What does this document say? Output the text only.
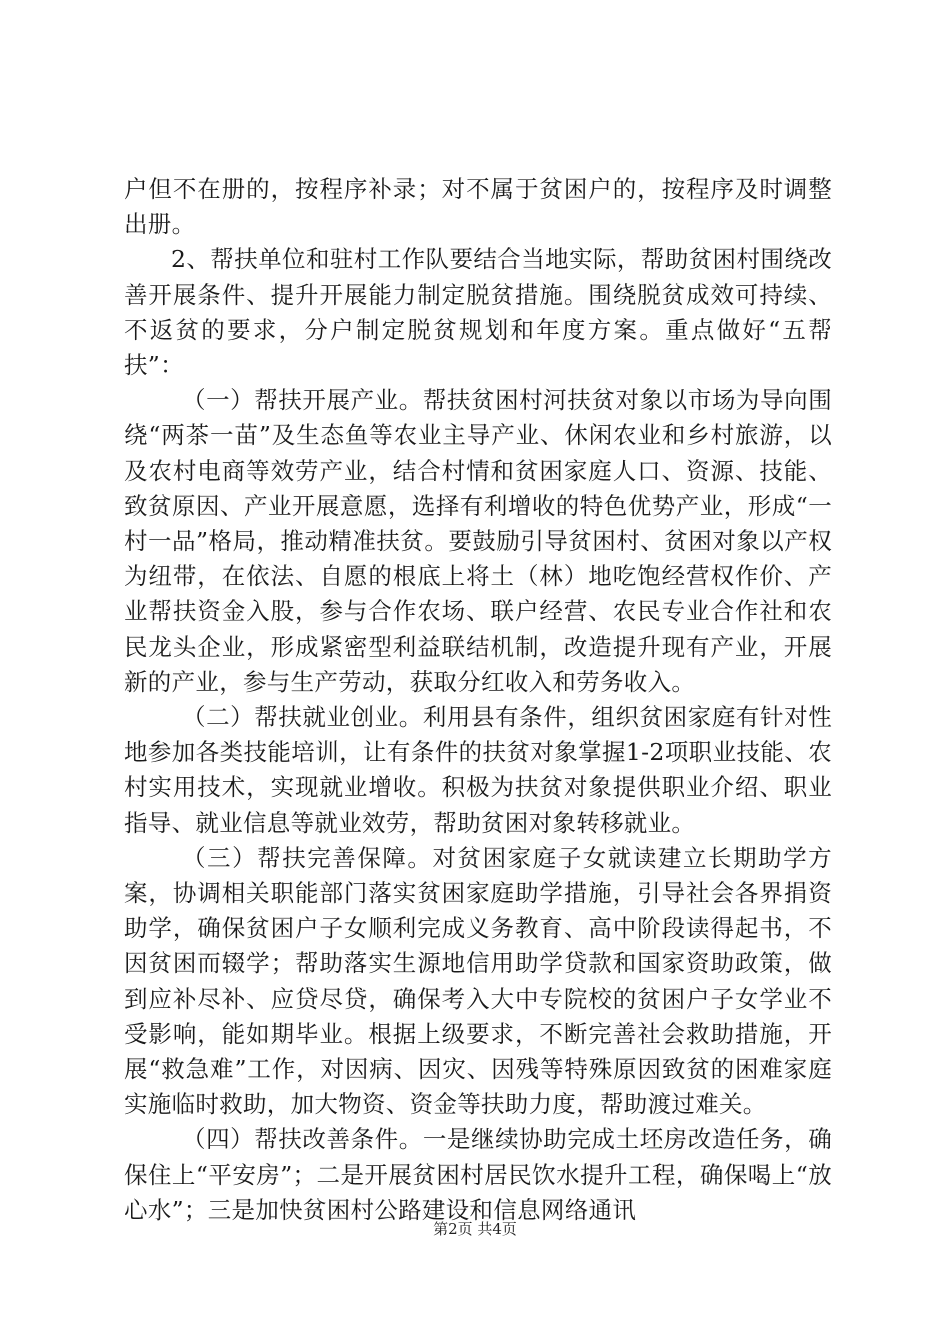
户但不在册的，按程序补录；对不属于贫困户的，按程序及时调整出册。

2、帮扶单位和驻村工作队要结合当地实际，帮助贫困村围绕改善开展条件、提升开展能力制定脱贫措施。围绕脱贫成效可持续、不返贫的要求，分户制定脱贫规划和年度方案。重点做好“五帮扶”：

（一）帮扶开展产业。帮扶贫困村河扶贫对象以市场为导向围绕“两茶一苗”及生态鱼等农业主导产业、休闲农业和乡村旅游，以及农村电商等效劳产业，结合村情和贫困家庭人口、资源、技能、致贫原因、产业开展意愿，选择有利增收的特色优势产业，形成“一村一品”格局，推动精准扶贫。要鼓励引导贫困村、贫困对象以产权为纽带，在依法、自愿的根底上将土（林）地吃饱经营权作价、产业帮扶资金入股，参与合作农场、联户经营、农民专业合作社和农民龙头企业，形成紧密型利益联结机制，改造提升现有产业，开展新的产业，参与生产劳动，获取分红收入和劳务收入。

（二）帮扶就业创业。利用县有条件，组织贫困家庭有针对性地参加各类技能培训，让有条件的扶贫对象掌握1-2项职业技能、农村实用技术，实现就业增收。积极为扶贫对象提供职业介绍、职业指导、就业信息等就业效劳，帮助贫困对象转移就业。

（三）帮扶完善保障。对贫困家庭子女就读建立长期助学方案，协调相关职能部门落实贫困家庭助学措施，引导社会各界捐资助学，确保贫困户子女顺利完成义务教育、高中阶段读得起书，不因贫困而辍学；帮助落实生源地信用助学贷款和国家资助政策，做到应补尽补、应贷尽贷，确保考入大中专院校的贫困户子女学业不受影响，能如期毕业。根据上级要求，不断完善社会救助措施，开展“救急难”工作，对因病、因灾、因残等特殊原因致贫的困难家庭实施临时救助，加大物资、资金等扶助力度，帮助渡过难关。

（四）帮扶改善条件。一是继续协助完成土坯房改造任务，确保住上“平安房”；二是开展贫困村居民饮水提升工程，确保喝上“放心水”；三是加快贫困村公路建设和信息网络通讯

第2页 共4页
